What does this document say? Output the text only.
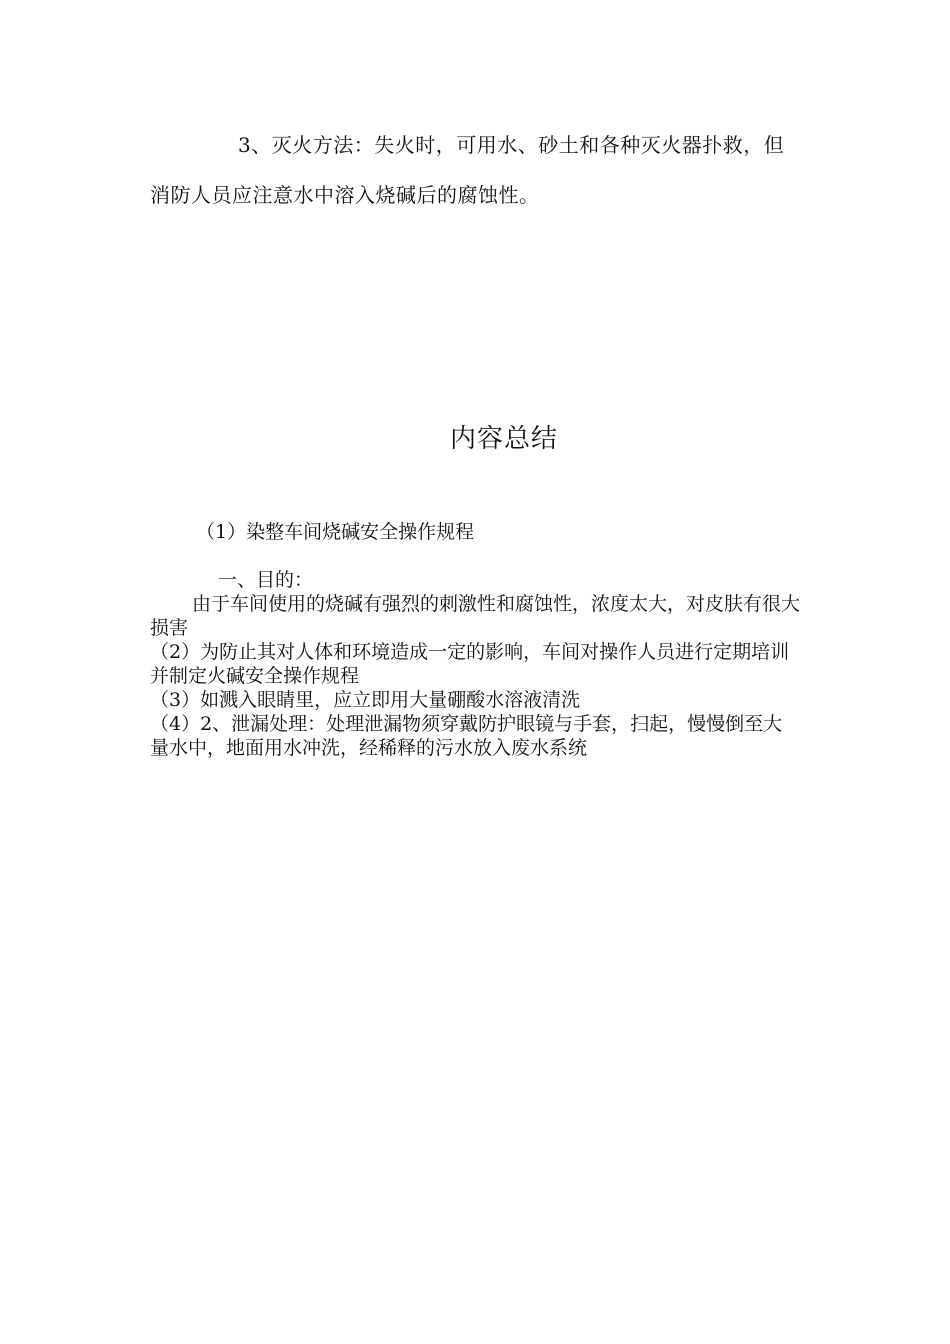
3、灭火方法：失火时，可用水、砂土和各种灭火器扑救，但消防人员应注意水中溶入烧碱后的腐蚀性。

内容总结
（1）染整车间烧碱安全操作规程

一、目的：

由于车间使用的烧碱有强烈的刺激性和腐蚀性，浓度太大，对皮肤有很大损害

（2）为防止其对人体和环境造成一定的影响，车间对操作人员进行定期培训并制定火碱安全操作规程

（3）如溅入眼睛里，应立即用大量硼酸水溶液清洗

（4）2、泄漏处理：处理泄漏物须穿戴防护眼镜与手套，扫起，慢慢倒至大量水中，地面用水冲洗，经稀释的污水放入废水系统
